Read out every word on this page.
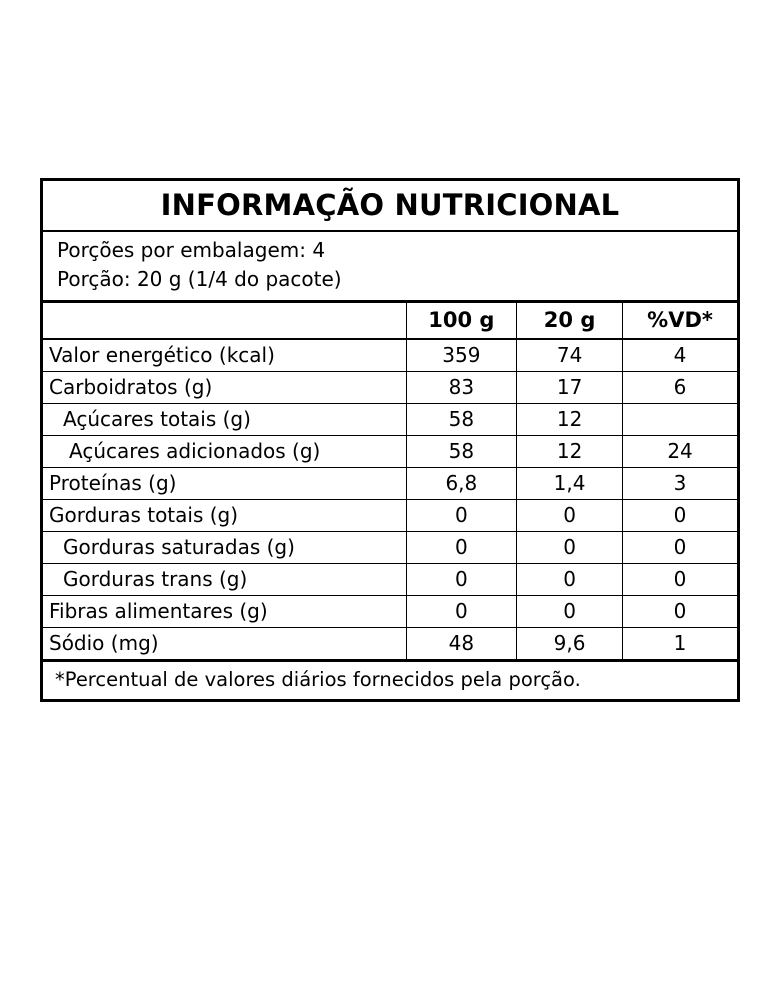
INFORMAÇÃO NUTRICIONAL
Porções por embalagem: 4
Porção: 20 g (1/4 do pacote)
	100 g	20 g	%VD*
Valor energético (kcal)	359	74	4
Carboidratos (g)	83	17	6
Açúcares totais (g)	58	12	
Açúcares adicionados (g)	58	12	24
Proteínas (g)	6,8	1,4	3
Gorduras totais (g)	0	0	0
Gorduras saturadas (g)	0	0	0
Gorduras trans (g)	0	0	0
Fibras alimentares (g)	0	0	0
Sódio (mg)	48	9,6	1
*Percentual de valores diários fornecidos pela porção.
